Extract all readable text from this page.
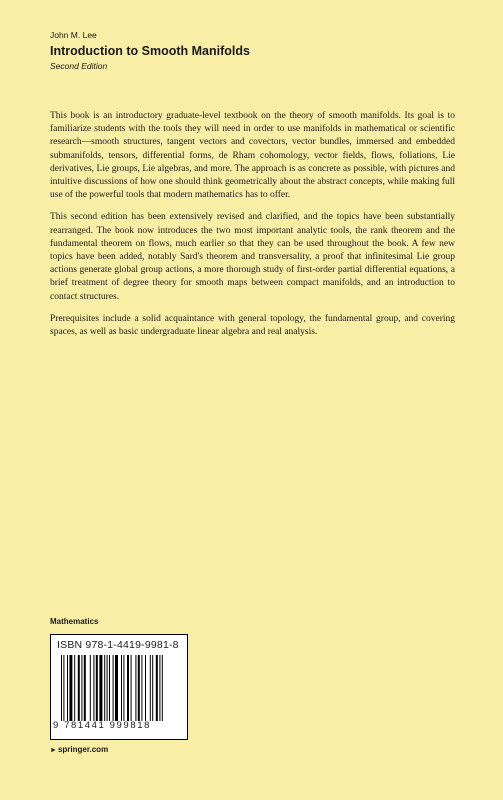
John M. Lee
Introduction to Smooth Manifolds
Second Edition

This book is an introductory graduate-level textbook on the theory of smooth manifolds. Its goal is to familiarize students with the tools they will need in order to use manifolds in mathematical or scientific research—smooth structures, tangent vectors and covectors, vector bundles, immersed and embedded submanifolds, tensors, differential forms, de Rham cohomology, vector fields, flows, foliations, Lie derivatives, Lie groups, Lie algebras, and more. The approach is as concrete as possible, with pictures and intuitive discussions of how one should think geometrically about the abstract concepts, while making full use of the powerful tools that modern mathematics has to offer.

This second edition has been extensively revised and clarified, and the topics have been substantially rearranged. The book now introduces the two most important analytic tools, the rank theorem and the fundamental theorem on flows, much earlier so that they can be used throughout the book. A few new topics have been added, notably Sard's theorem and transversality, a proof that infinitesimal Lie group actions generate global group actions, a more thorough study of first-order partial differential equations, a brief treatment of degree theory for smooth maps between compact manifolds, and an introduction to contact structures.

Prerequisites include a solid acquaintance with general topology, the fundamental group, and covering spaces, as well as basic undergraduate linear algebra and real analysis.

Mathematics
ISBN 978-1-4419-9981-8
9 781441 999818
►springer.com
